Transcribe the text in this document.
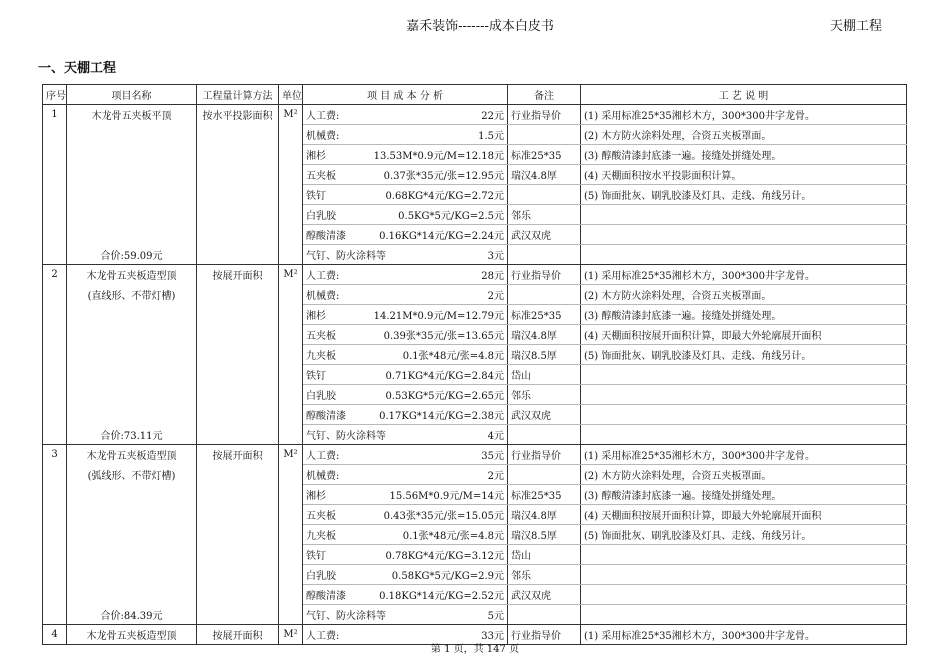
嘉禾装饰-------成本白皮书	天棚工程
一、天棚工程
序号	项目名称	工程量计算方法	单位	项 目 成 本 分 析	备注	工 艺 说 明
1	木龙骨五夹板平顶	按水平投影面积	M²	人工费: 22元	行业指导价	(1) 采用标准25*35湘杉木方，300*300井字龙骨。

				机械费: 1.5元		(2) 木方防火涂料处理，合资五夹板罩面。

				湘杉 13.53M*0.9元/M=12.18元	标准25*35	(3) 醇酸清漆封底漆一遍。接缝处拼缝处理。

				五夹板 0.37张*35元/张=12.95元	瑞汉4.8厚	(4) 天棚面积按水平投影面积计算。

				铁钉 0.68KG*4元/KG=2.72元		(5) 饰面批灰、刷乳胶漆及灯具、走线、角线另计。

				白乳胶 0.5KG*5元/KG=2.5元	邻乐	

				醇酸清漆 0.16KG*14元/KG=2.24元	武汉双虎	
	合价:59.09元			气钉、防火涂料等 3元		

2	木龙骨五夹板造型顶	按展开面积	M²	人工费: 28元	行业指导价	(1) 采用标准25*35湘杉木方，300*300井字龙骨。
	(直线形、不带灯槽)			机械费: 2元		(2) 木方防火涂料处理，合资五夹板罩面。

				湘杉 14.21M*0.9元/M=12.79元	标准25*35	(3) 醇酸清漆封底漆一遍。接缝处拼缝处理。

				五夹板 0.39张*35元/张=13.65元	瑞汉4.8厚	(4) 天棚面积按展开面积计算，即最大外轮廓展开面积

				九夹板 0.1张*48元/张=4.8元	瑞汉8.5厚	(5) 饰面批灰、刷乳胶漆及灯具、走线、角线另计。

				铁钉 0.71KG*4元/KG=2.84元	岱山	

				白乳胶 0.53KG*5元/KG=2.65元	邻乐	

				醇酸清漆 0.17KG*14元/KG=2.38元	武汉双虎	
	合价:73.11元			气钉、防火涂料等 4元		

3	木龙骨五夹板造型顶	按展开面积	M²	人工费: 35元	行业指导价	(1) 采用标准25*35湘杉木方，300*300井字龙骨。
	(弧线形、不带灯槽)			机械费: 2元		(2) 木方防火涂料处理，合资五夹板罩面。

				湘杉 15.56M*0.9元/M=14元	标准25*35	(3) 醇酸清漆封底漆一遍。接缝处拼缝处理。

				五夹板 0.43张*35元/张=15.05元	瑞汉4.8厚	(4) 天棚面积按展开面积计算，即最大外轮廓展开面积

				九夹板 0.1张*48元/张=4.8元	瑞汉8.5厚	(5) 饰面批灰、刷乳胶漆及灯具、走线、角线另计。

				铁钉 0.78KG*4元/KG=3.12元	岱山	

				白乳胶 0.58KG*5元/KG=2.9元	邻乐	

				醇酸清漆 0.18KG*14元/KG=2.52元	武汉双虎	
	合价:84.39元			气钉、防火涂料等 5元		

4	木龙骨五夹板造型顶	按展开面积	M²	人工费: 33元	行业指导价	(1) 采用标准25*35湘杉木方，300*300井字龙骨。
第 1 页，共 147 页
